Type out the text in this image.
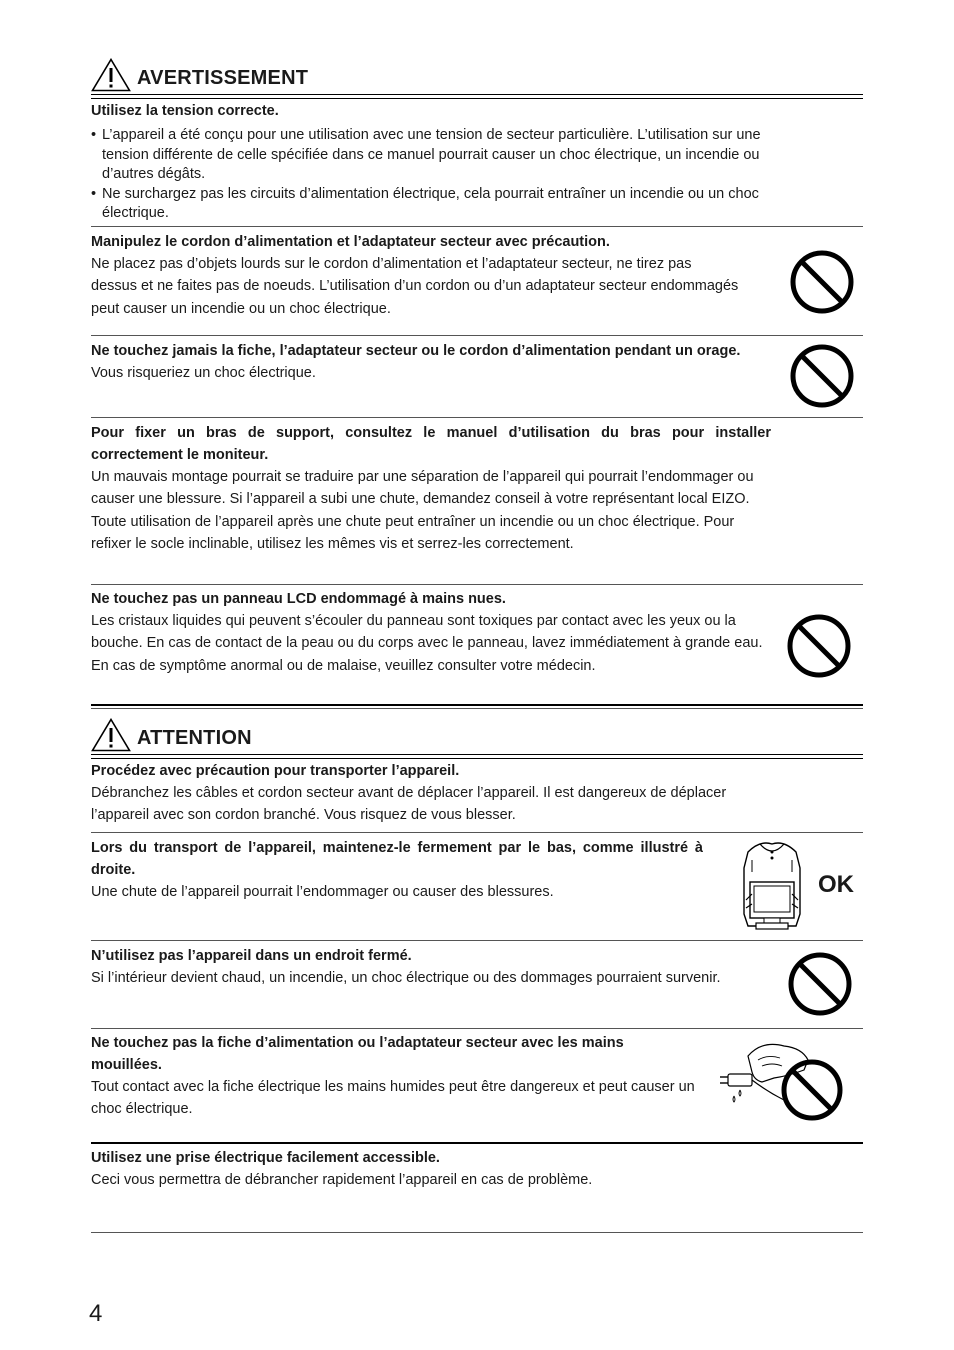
AVERTISSEMENT
Utilisez la tension correcte.
• L’appareil a été conçu pour une utilisation avec une tension de secteur particulière. L’utilisation sur une tension différente de celle spécifiée dans ce manuel pourrait causer un choc électrique, un incendie ou d’autres dégâts.
• Ne surchargez pas les circuits d’alimentation électrique, cela pourrait entraîner un incendie ou un choc électrique.
Manipulez le cordon d’alimentation et l’adaptateur secteur avec précaution.
Ne placez pas d’objets lourds sur le cordon d’alimentation et l’adaptateur secteur, ne tirez pas dessus et ne faites pas de noeuds. L’utilisation d’un cordon ou d’un adaptateur secteur endommagés peut causer un incendie ou un choc électrique.
Ne touchez jamais la fiche, l’adaptateur secteur ou le cordon d’alimentation pendant un orage.
Vous risqueriez un choc électrique.
Pour fixer un bras de support, consultez le manuel d’utilisation du bras pour installer correctement le moniteur.
Un mauvais montage pourrait se traduire par une séparation de l’appareil qui pourrait l’endommager ou causer une blessure. Si l’appareil a subi une chute, demandez conseil à votre représentant local EIZO. Toute utilisation de l’appareil après une chute peut entraîner un incendie ou un choc électrique. Pour refixer le socle inclinable, utilisez les mêmes vis et serrez-les correctement.
Ne touchez pas un panneau LCD endommagé à mains nues.
Les cristaux liquides qui peuvent s’écouler du panneau sont toxiques par contact avec les yeux ou la bouche. En cas de contact de la peau ou du corps avec le panneau, lavez immédiatement à grande eau.
En cas de symptôme anormal ou de malaise, veuillez consulter votre médecin.
ATTENTION
Procédez avec précaution pour transporter l’appareil.
Débranchez les câbles et cordon secteur avant de déplacer l’appareil. Il est dangereux de déplacer l’appareil avec son cordon branché. Vous risquez de vous blesser.
Lors du transport de l’appareil, maintenez-le fermement par le bas, comme illustré à droite.
Une chute de l’appareil pourrait l’endommager ou causer des blessures.	OK
N’utilisez pas l’appareil dans un endroit fermé.
Si l’intérieur devient chaud, un incendie, un choc électrique ou des dommages pourraient survenir.
Ne touchez pas la fiche d’alimentation ou l’adaptateur secteur avec les mains mouillées.
Tout contact avec la fiche électrique les mains humides peut être dangereux et peut causer un choc électrique.
Utilisez une prise électrique facilement accessible.
Ceci vous permettra de débrancher rapidement l’appareil en cas de problème.
4
